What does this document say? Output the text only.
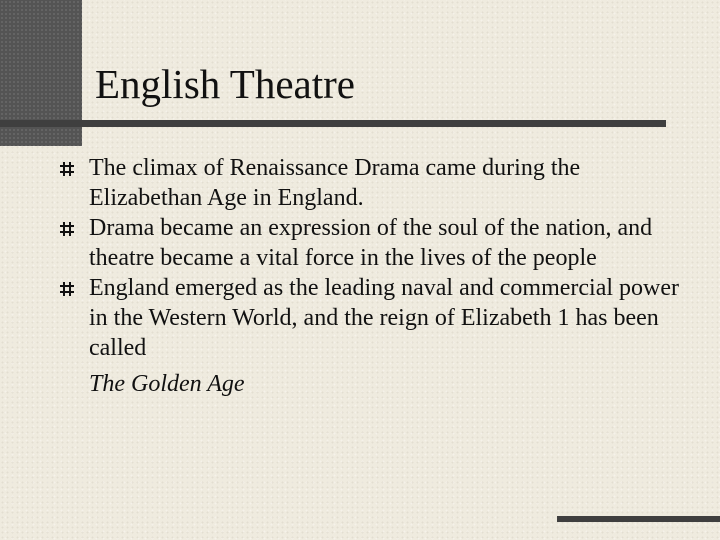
English Theatre
The climax of Renaissance Drama came during the Elizabethan Age in England.
Drama became an expression of the soul of the nation, and theatre became a vital force in the lives of the people
England emerged as the leading naval and commercial power in the Western World, and the reign of Elizabeth 1 has been called
The Golden Age
